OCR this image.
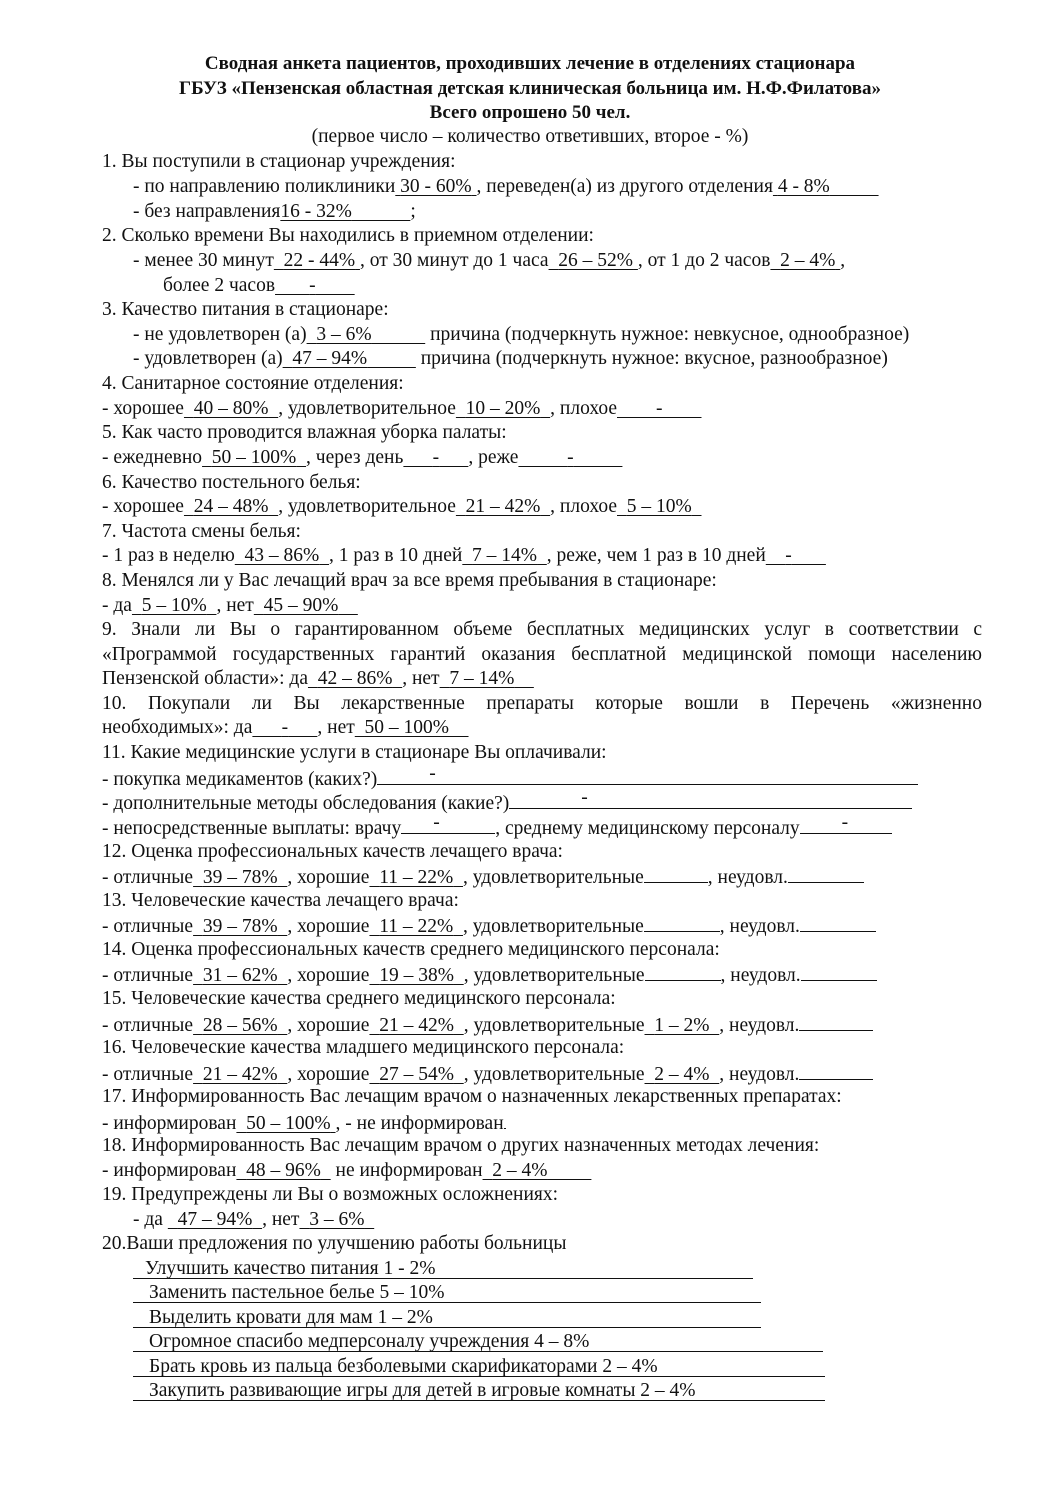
Сводная анкета пациентов, проходивших лечение в отделениях стационара
ГБУЗ «Пензенская областная детская клиническая больница им. Н.Ф.Филатова»
Всего опрошено 50 чел.
(первое число – количество ответивших, второе - %)
1. Вы поступили в стационар учреждения:
- по направлению поликлиники 30 - 60% , переведен(а) из другого отделения 4 - 8%
- без направления16 - 32%	;
2. Сколько времени Вы находились в приемном отделении:
- менее 30 минут 22 - 44% , от 30 минут до 1 часа 26 – 52% , от 1 до 2 часов 2 – 4% ,
более 2 часов -
3. Качество питания в стационаре:
- не удовлетворен (а) 3 – 6%	причина (подчеркнуть нужное: невкусное, однообразное)
- удовлетворен (а) 47 – 94%	причина (подчеркнуть нужное: вкусное, разнообразное)
4. Санитарное состояние отделения:
- хорошее 40 – 80% , удовлетворительное 10 – 20% , плохое -
5. Как часто проводится влажная уборка палаты:
- ежедневно 50 – 100% , через день - , реже	-
6. Качество постельного белья:
- хорошее 24 – 48% , удовлетворительное 21 – 42% , плохое 5 – 10%
7. Частота смены белья:
- 1 раз в неделю 43 – 86% , 1 раз в 10 дней 7 – 14% , реже, чем 1 раз в 10 дней -
8. Менялся ли у Вас лечащий врач за все время пребывания в стационаре:
- да 5 – 10% , нет 45 – 90%
9. Знали ли Вы о гарантированном объеме бесплатных медицинских услуг в соответствии с
«Программой государственных гарантий оказания бесплатной медицинской помощи населению
Пензенской области»: да 42 – 86% , нет 7 – 14%
10. Покупали ли Вы лекарственные препараты которые вошли в Перечень «жизненно
необходимых»: да - , нет 50 – 100%
11. Какие медицинские услуги в стационаре Вы оплачивали:
- покупка медикаментов (каких?)	-
- дополнительные методы обследования (какие?)	-
- непосредственные выплаты: врачу -	, среднему медицинскому персоналу -
12. Оценка профессиональных качеств лечащего врача:
- отличные 39 – 78% , хорошие 11 – 22% , удовлетворительные	, неудовл.
13. Человеческие качества лечащего врача:
- отличные 39 – 78% , хорошие 11 – 22% , удовлетворительные	, неудовл.
14. Оценка профессиональных качеств среднего медицинского персонала:
- отличные 31 – 62% , хорошие 19 – 38% , удовлетворительные	, неудовл.
15. Человеческие качества среднего медицинского персонала:
- отличные 28 – 56% , хорошие 21 – 42% , удовлетворительные 1 – 2% , неудовл.
16. Человеческие качества младшего медицинского персонала:
- отличные 21 – 42% , хорошие 27 – 54% , удовлетворительные 2 – 4% , неудовл.
17. Информированность Вас лечащим врачом о назначенных лекарственных препаратах:
- информирован 50 – 100% , - не информирован
18. Информированность Вас лечащим врачом о других назначенных методах лечения:
- информирован 48 – 96% не информирован 2 – 4%
19. Предупреждены ли Вы о возможных осложнениях:
- да 47 – 94% , нет 3 – 6%
20.Ваши предложения по улучшению работы больницы
Улучшить качество питания 1 - 2%
Заменить пастельное белье 5 – 10%
Выделить кровати для мам 1 – 2%
Огромное спасибо медперсоналу учреждения 4 – 8%
Брать кровь из пальца безболевыми скарификаторами 2 – 4%
Закупить развивающие игры для детей в игровые комнаты 2 – 4%
